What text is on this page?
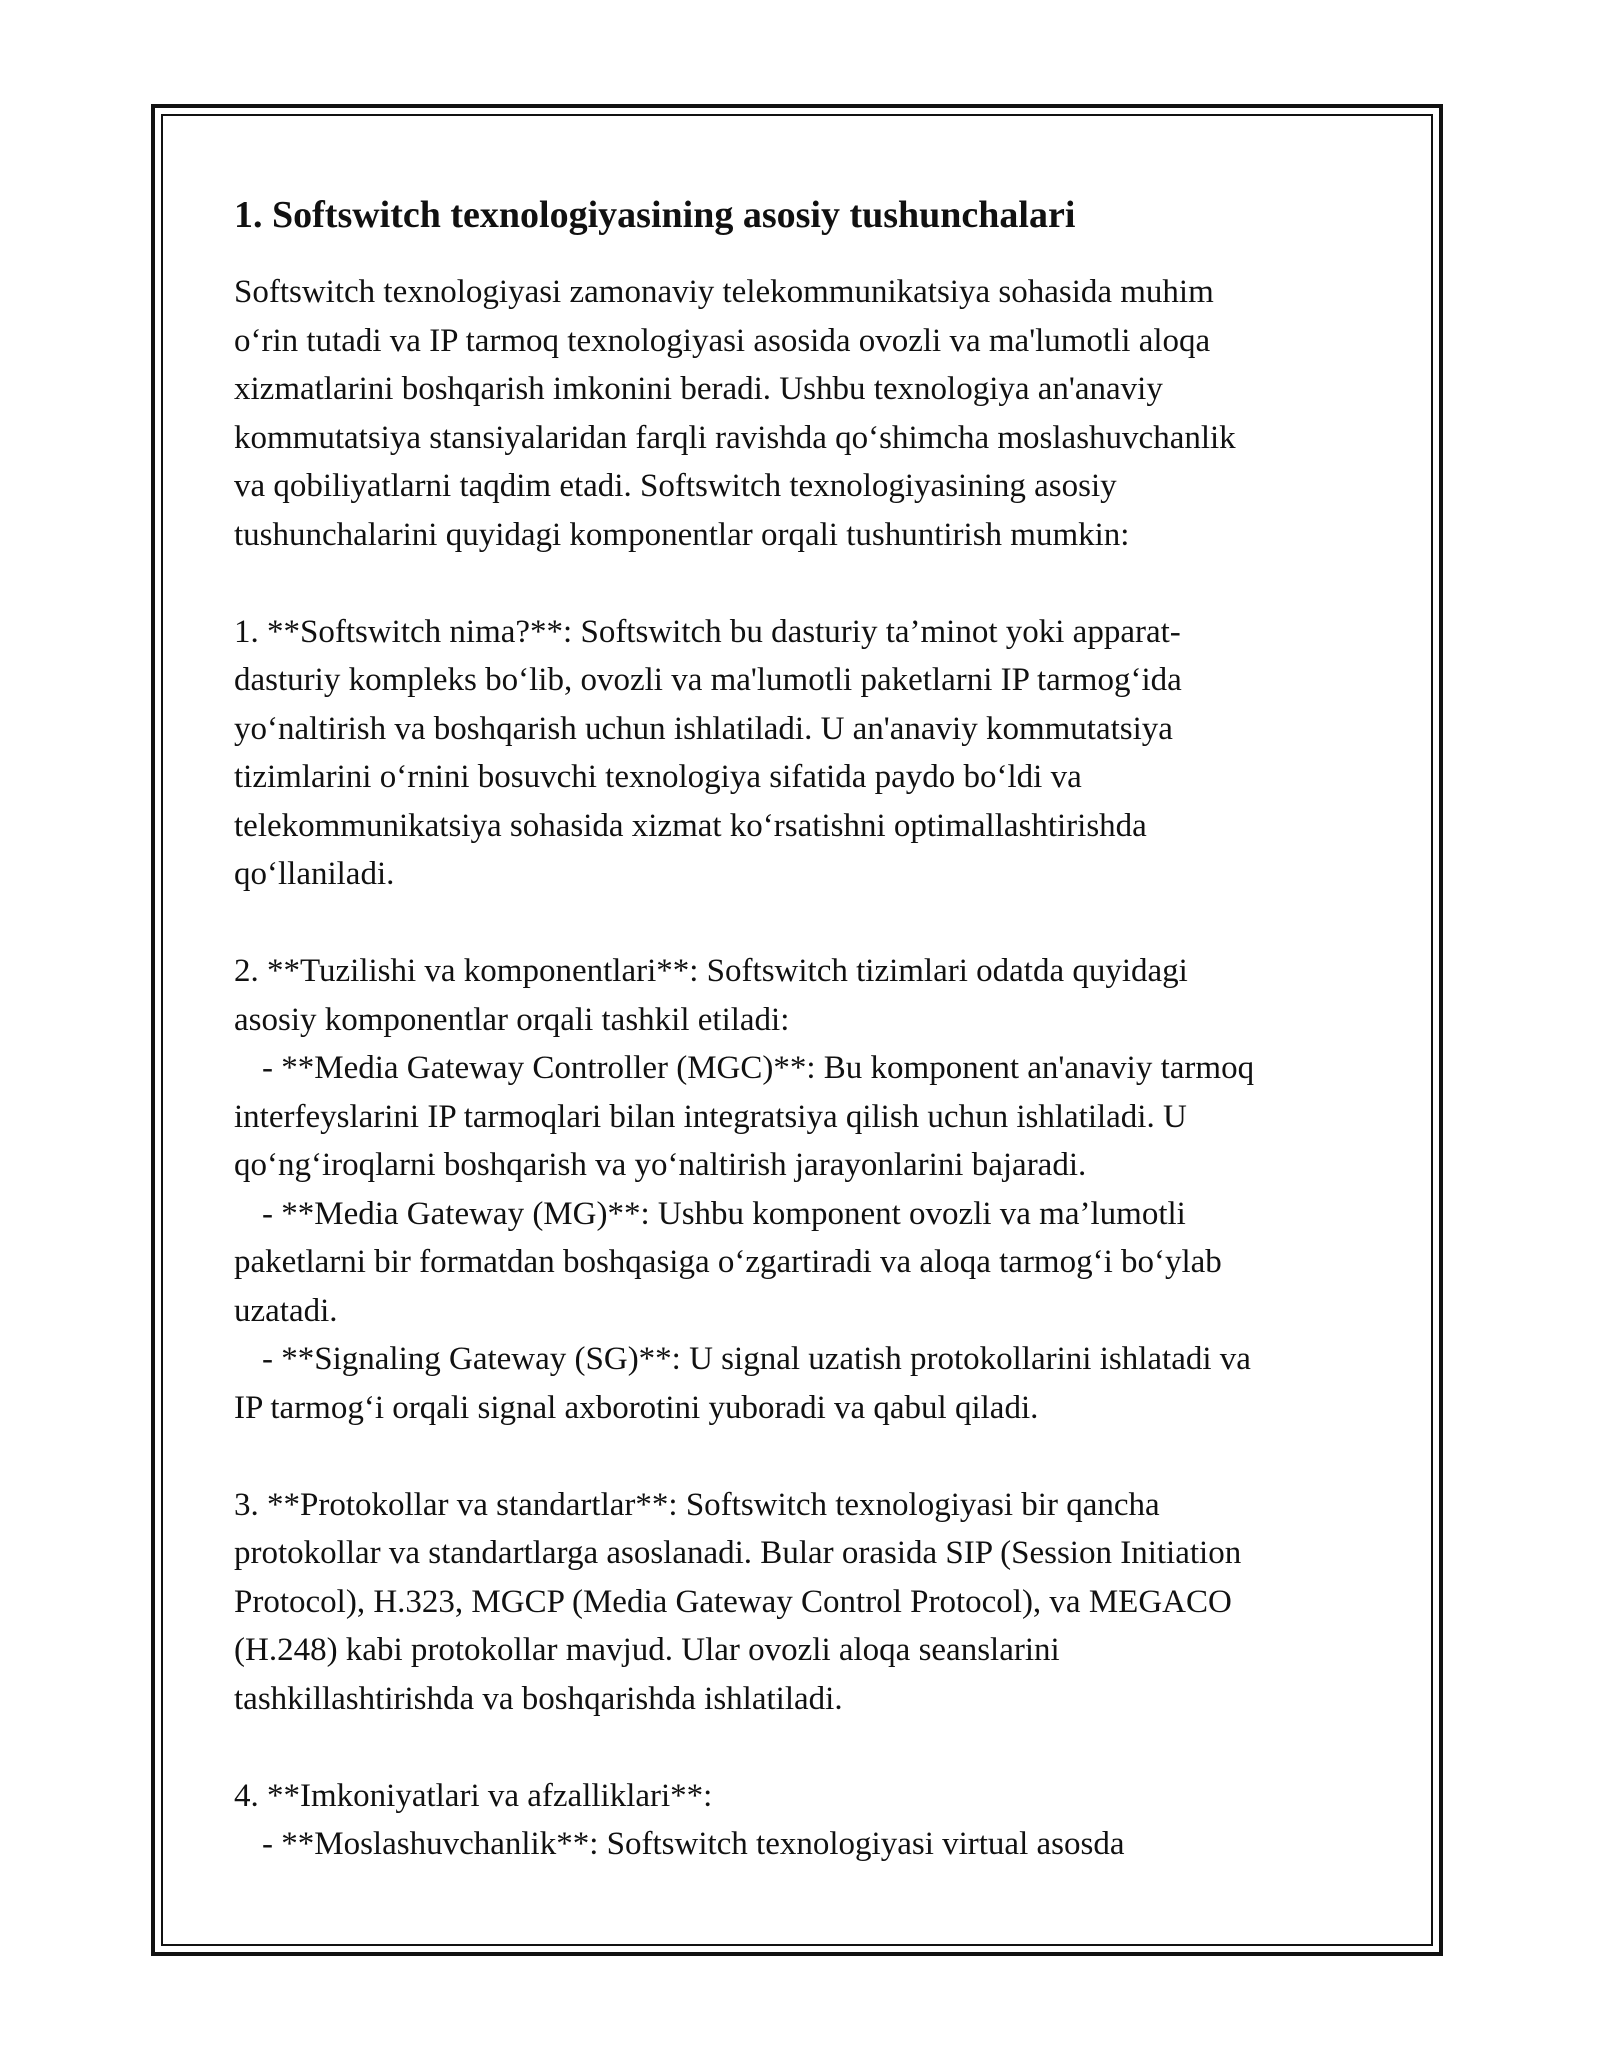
1. Softswitch texnologiyasining asosiy tushunchalari

Softswitch texnologiyasi zamonaviy telekommunikatsiya sohasida muhim
o‘rin tutadi va IP tarmoq texnologiyasi asosida ovozli va ma'lumotli aloqa
xizmatlarini boshqarish imkonini beradi. Ushbu texnologiya an'anaviy
kommutatsiya stansiyalaridan farqli ravishda qo‘shimcha moslashuvchanlik
va qobiliyatlarni taqdim etadi. Softswitch texnologiyasining asosiy
tushunchalarini quyidagi komponentlar orqali tushuntirish mumkin:

1. **Softswitch nima?**: Softswitch bu dasturiy ta’minot yoki apparat-
dasturiy kompleks bo‘lib, ovozli va ma'lumotli paketlarni IP tarmog‘ida
yo‘naltirish va boshqarish uchun ishlatiladi. U an'anaviy kommutatsiya
tizimlarini o‘rnini bosuvchi texnologiya sifatida paydo bo‘ldi va
telekommunikatsiya sohasida xizmat ko‘rsatishni optimallashtirishda
qo‘llaniladi.

2. **Tuzilishi va komponentlari**: Softswitch tizimlari odatda quyidagi
asosiy komponentlar orqali tashkil etiladi:

- **Media Gateway Controller (MGC)**: Bu komponent an'anaviy tarmoq

interfeyslarini IP tarmoqlari bilan integratsiya qilish uchun ishlatiladi. U
qo‘ng‘iroqlarni boshqarish va yo‘naltirish jarayonlarini bajaradi.

- **Media Gateway (MG)**: Ushbu komponent ovozli va ma’lumotli

paketlarni bir formatdan boshqasiga o‘zgartiradi va aloqa tarmog‘i bo‘ylab
uzatadi.

- **Signaling Gateway (SG)**: U signal uzatish protokollarini ishlatadi va

IP tarmog‘i orqali signal axborotini yuboradi va qabul qiladi.

3. **Protokollar va standartlar**: Softswitch texnologiyasi bir qancha
protokollar va standartlarga asoslanadi. Bular orasida SIP (Session Initiation
Protocol), H.323, MGCP (Media Gateway Control Protocol), va MEGACO
(H.248) kabi protokollar mavjud. Ular ovozli aloqa seanslarini
tashkillashtirishda va boshqarishda ishlatiladi.

4. **Imkoniyatlari va afzalliklari**:

- **Moslashuvchanlik**: Softswitch texnologiyasi virtual asosda
